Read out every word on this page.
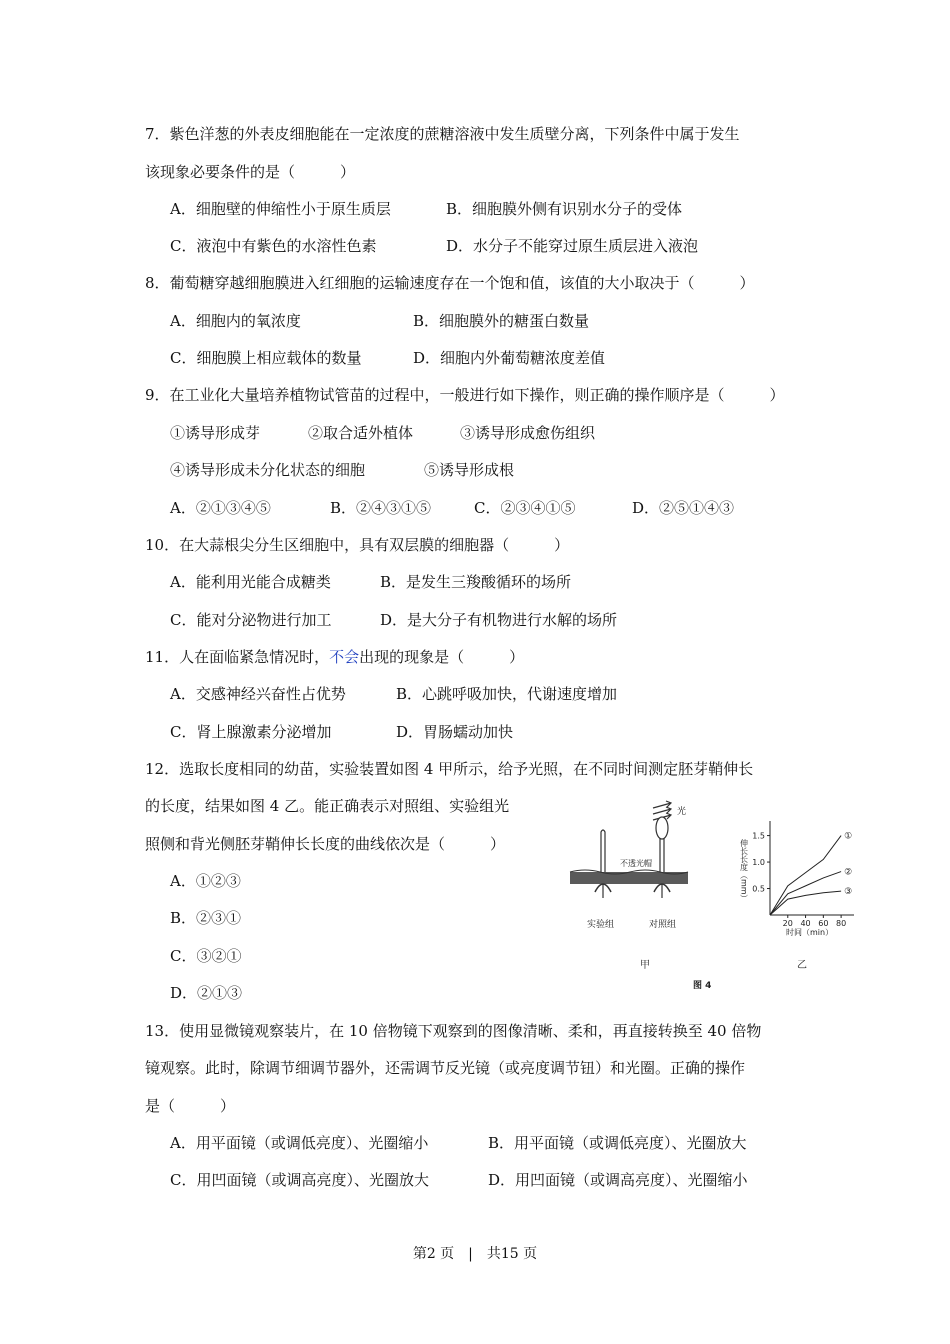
7．紫色洋葱的外表皮细胞能在一定浓度的蔗糖溶液中发生质壁分离，下列条件中属于发生
该现象必要条件的是（　　　）
A．细胞壁的伸缩性小于原生质层	B．细胞膜外侧有识别水分子的受体
C．液泡中有紫色的水溶性色素	D．水分子不能穿过原生质层进入液泡
8．葡萄糖穿越细胞膜进入红细胞的运输速度存在一个饱和值，该值的大小取决于（　　　）
A．细胞内的氧浓度	B．细胞膜外的糖蛋白数量
C．细胞膜上相应载体的数量	D．细胞内外葡萄糖浓度差值
9．在工业化大量培养植物试管苗的过程中，一般进行如下操作，则正确的操作顺序是（　　　）
①诱导形成芽	②取合适外植体	③诱导形成愈伤组织
④诱导形成未分化状态的细胞	⑤诱导形成根
A．②①③④⑤	B．②④③①⑤	C．②③④①⑤	D．②⑤①④③
10．在大蒜根尖分生区细胞中，具有双层膜的细胞器（　　　）
A．能利用光能合成糖类	B．是发生三羧酸循环的场所
C．能对分泌物进行加工	D．是大分子有机物进行水解的场所
11．人在面临紧急情况时，不会出现的现象是（　　　）
A．交感神经兴奋性占优势	B．心跳呼吸加快，代谢速度增加
C．肾上腺激素分泌增加	D．胃肠蠕动加快
12．选取长度相同的幼苗，实验装置如图 4 甲所示，给予光照，在不同时间测定胚芽鞘伸长
的长度，结果如图 4 乙。能正确表示对照组、实验组光
照侧和背光侧胚芽鞘伸长长度的曲线依次是（　　　）
A．①②③
B．②③①
C．③②①
D．②①③
光
不透光帽
实验组	对照组
甲
伸长长度（mm）
时间（min）
0.5
1.0
1.5
20 40 60 80
①
②
③
乙
图 4
13．使用显微镜观察装片，在 10 倍物镜下观察到的图像清晰、柔和，再直接转换至 40 倍物
镜观察。此时，除调节细调节器外，还需调节反光镜（或亮度调节钮）和光圈。正确的操作
是（　　　）
A．用平面镜（或调低亮度）、光圈缩小	B．用平面镜（或调低亮度）、光圈放大
C．用凹面镜（或调高亮度）、光圈放大	D．用凹面镜（或调高亮度）、光圈缩小
第2 页　|　共15 页
